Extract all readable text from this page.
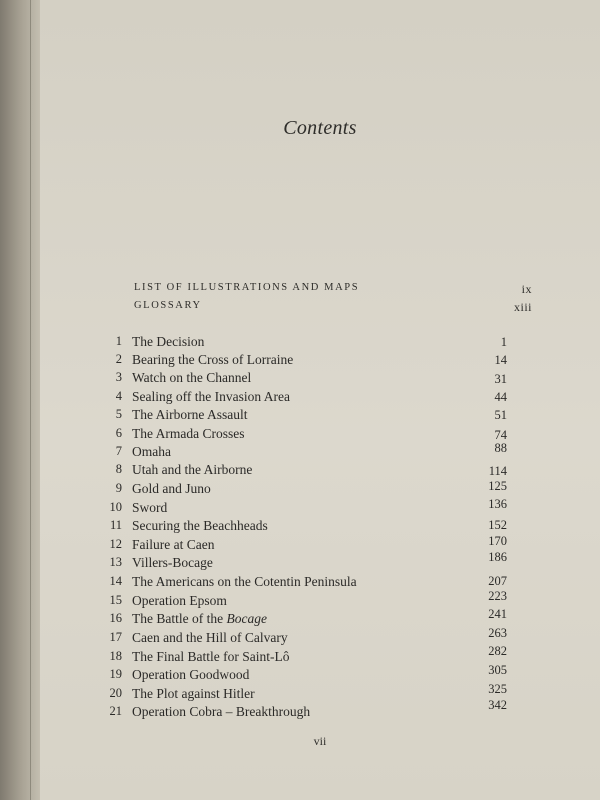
Contents
LIST OF ILLUSTRATIONS AND MAPS	ix
GLOSSARY	xiii
1 The Decision	1
2 Bearing the Cross of Lorraine	14
3 Watch on the Channel	31
4 Sealing off the Invasion Area	44
5 The Airborne Assault	51
6 The Armada Crosses	74
7 Omaha	88
8 Utah and the Airborne	114
9 Gold and Juno	125
10 Sword	136
11 Securing the Beachheads	152
12 Failure at Caen	170
13 Villers-Bocage	186
14 The Americans on the Cotentin Peninsula	207
15 Operation Epsom	223
16 The Battle of the Bocage	241
17 Caen and the Hill of Calvary	263
18 The Final Battle for Saint-Lô	282
19 Operation Goodwood	305
20 The Plot against Hitler	325
21 Operation Cobra – Breakthrough	342
vii
